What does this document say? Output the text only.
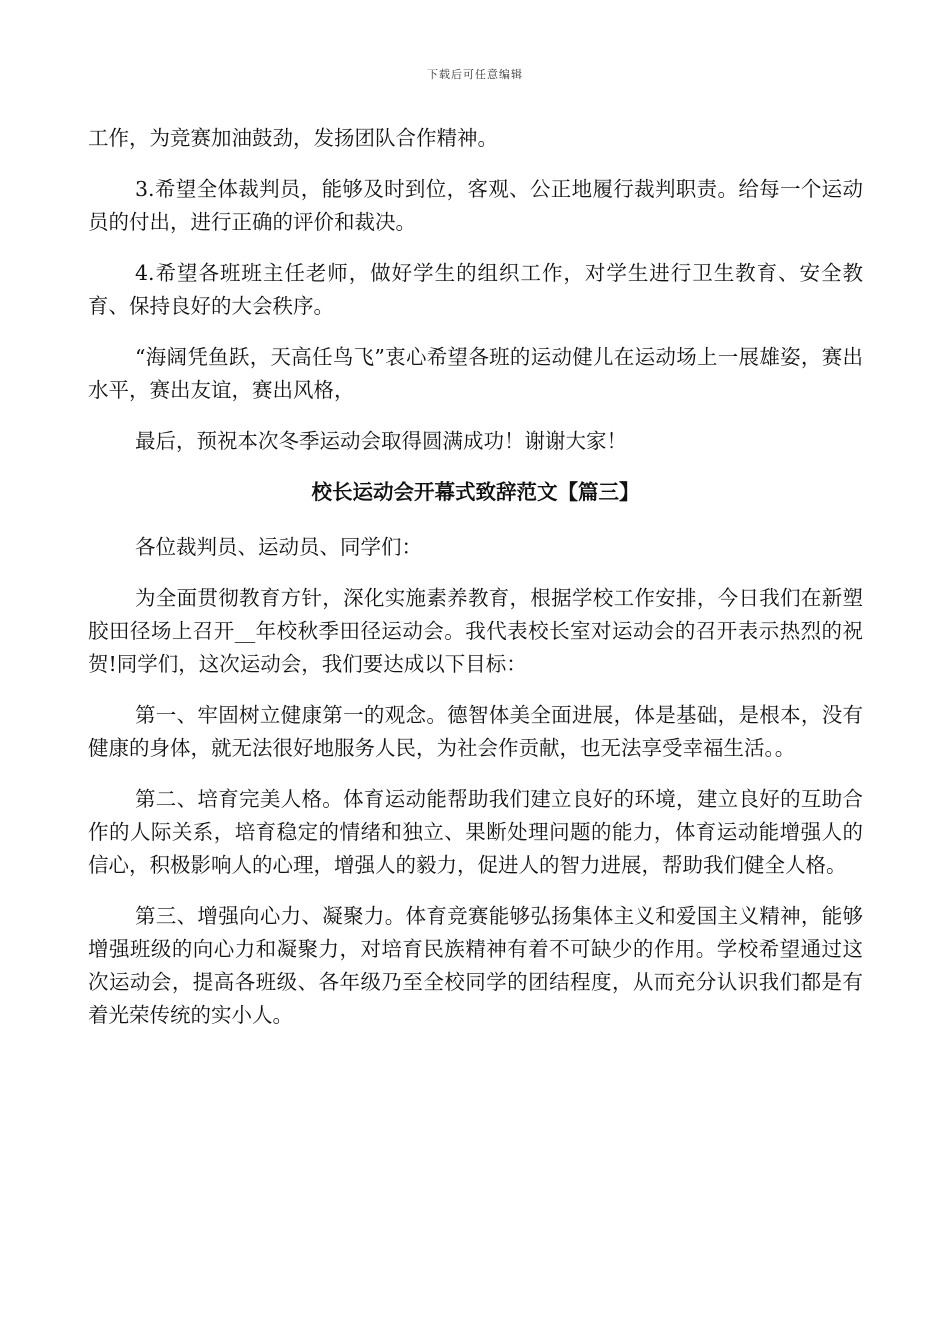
下载后可任意编辑

工作，为竞赛加油鼓劲，发扬团队合作精神。

3.希望全体裁判员，能够及时到位，客观、公正地履行裁判职责。给每一个运动员的付出，进行正确的评价和裁决。

4.希望各班班主任老师，做好学生的组织工作，对学生进行卫生教育、安全教育、保持良好的大会秩序。

“海阔凭鱼跃，天高任鸟飞”衷心希望各班的运动健儿在运动场上一展雄姿，赛出水平，赛出友谊，赛出风格，

最后，预祝本次冬季运动会取得圆满成功！谢谢大家！

校长运动会开幕式致辞范文【篇三】

各位裁判员、运动员、同学们：

为全面贯彻教育方针，深化实施素养教育，根据学校工作安排，今日我们在新塑胶田径场上召开__年校秋季田径运动会。我代表校长室对运动会的召开表示热烈的祝贺!同学们，这次运动会，我们要达成以下目标：

第一、牢固树立健康第一的观念。德智体美全面进展，体是基础，是根本，没有健康的身体，就无法很好地服务人民，为社会作贡献，也无法享受幸福生活。。

第二、培育完美人格。体育运动能帮助我们建立良好的环境，建立良好的互助合作的人际关系，培育稳定的情绪和独立、果断处理问题的能力，体育运动能增强人的信心，积极影响人的心理，增强人的毅力，促进人的智力进展，帮助我们健全人格。

第三、增强向心力、凝聚力。体育竞赛能够弘扬集体主义和爱国主义精神，能够增强班级的向心力和凝聚力，对培育民族精神有着不可缺少的作用。学校希望通过这次运动会，提高各班级、各年级乃至全校同学的团结程度，从而充分认识我们都是有着光荣传统的实小人。
